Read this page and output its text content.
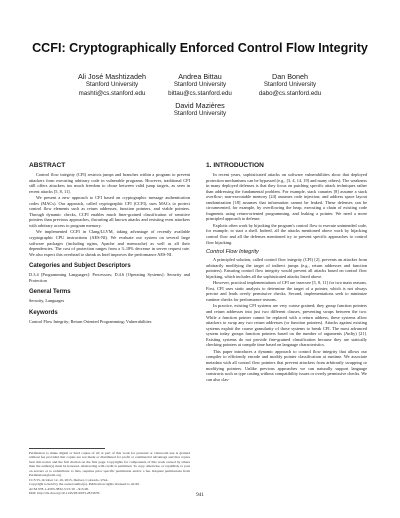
CCFI: Cryptographically Enforced Control Flow Integrity
Ali José Mashtizadeh
Stanford University
mashti@cs.stanford.edu
Andrea Bittau
Stanford University
bittau@cs.stanford.edu
Dan Boneh
Stanford University
dabo@cs.stanford.edu
David Mazières
Stanford University
ABSTRACT

Control flow integrity (CFI) restricts jumps and branches within a program to prevent attackers from executing arbitrary code in vulnerable programs. However, traditional CFI still offers attackers too much freedom to chose between valid jump targets, as seen in recent attacks [5, 8, 11].

We present a new approach to CFI based on cryptographic message authentication codes (MACs). Our approach, called cryptographic CFI (CCFI), uses MACs to protect control flow elements such as return addresses, function pointers, and vtable pointers. Through dynamic checks, CCFI enables much finer-grained classification of sensitive pointers than previous approaches, thwarting all known attacks and resisting even attackers with arbitrary access to program memory.

We implemented CCFI in Clang/LLVM, taking advantage of recently available cryptographic CPU instructions (AES-NI). We evaluate our system on several large software packages (including nginx, Apache and memcache) as well as all their dependencies. The cost of protection ranges from a 3–18% decrease in server request rate. We also expect this overhead to shrink as Intel improves the performance AES-NI.

Categories and Subject Descriptors

D.3.4 [Programming Languages]: Processors; D.4.6 [Operating Systems]: Security and Protection

General Terms

Security, Languages

Keywords

Control Flow Integrity; Return Oriented Programming; Vulnerabilities

Permission to make digital or hard copies of all or part of this work for personal or classroom use is granted without fee provided that copies are not made or distributed for profit or commercial advantage and that copies bear this notice and the full citation on the first page. Copyrights for components of this work owned by others than the author(s) must be honored. Abstracting with credit is permitted. To copy otherwise, or republish, to post on servers or to redistribute to lists, requires prior specific permission and/or a fee. Request permissions from Permissions@acm.org.
CCS'15, October 12–16, 2015, Denver, Colorado, USA.
Copyright is held by the owner/author(s). Publication rights licensed to ACM.
ACM 978-1-4503-3832-5/15/10 ...$15.00.
DOI: http://dx.doi.org/10.1145/2810103.2813676.
1. INTRODUCTION

In recent years, sophisticated attacks on software vulnerabilities show that deployed protection mechanisms can be bypassed (e.g., [3, 4, 14, 19] and many others). The weakness in many deployed defenses is that they focus on patching specific attack techniques rather than addressing the fundamental problem. For example, stack canaries [8] assume a stack overflow; non-executable memory [24] assumes code injection; and address space layout randomization [18] assumes that information cannot be leaked. These defenses can be circumvented, for example, by overflowing the heap, executing a chain of existing code fragments using return-oriented programming, and leaking a pointer. We need a more principled approach to defense.

Exploits often work by hijacking the program's control flow to execute unintended code, for example, to start a shell. Indeed, all the attacks mentioned above work by hijacking control flow and all the defenses mentioned try to prevent specific approaches to control flow hijacking.

Control Flow Integrity

A principled solution, called control flow integrity (CFI) [2], prevents an attacker from arbitrarily modifying the target of indirect jumps (e.g., return addresses and function pointers). Ensuring control flow integrity would prevent all attacks based on control flow hijacking, which includes all the sophisticated attacks listed above.

However, practical implementations of CFI are insecure [5, 8, 11] for two main reasons. First, CFI uses static analysis to determine the target of a pointer, which is not always precise and leads overly permissive checks. Second, implementations seek to minimize runtime checks for performance reasons.

In practice, existing CFI systems are very coarse grained; they group function pointers and return addresses into just two different classes, preventing swaps between the two. While a function pointer cannot be replaced with a return address, these systems allow attackers to swap any two return addresses (or function pointers). Attacks against existing systems exploit the coarse granularity of those systems to break CFI. The most advanced system today groups function pointers based on the number of arguments (AnIty) [21]. Existing systems do not provide fine-grained classification because they are statically checking pointers at compile time based on language characteristics.

This paper introduces a dynamic approach to control flow integrity that allows our compiler to efficiently encode and modify pointer classification at runtime. We associate metadata with all control flow pointers that prevent attackers from arbitrarily swapping or modifying pointers. Unlike previous approaches we can naturally support language constructs such as type casting without compatibility issues or overly permissive checks. We can also clas-

941
